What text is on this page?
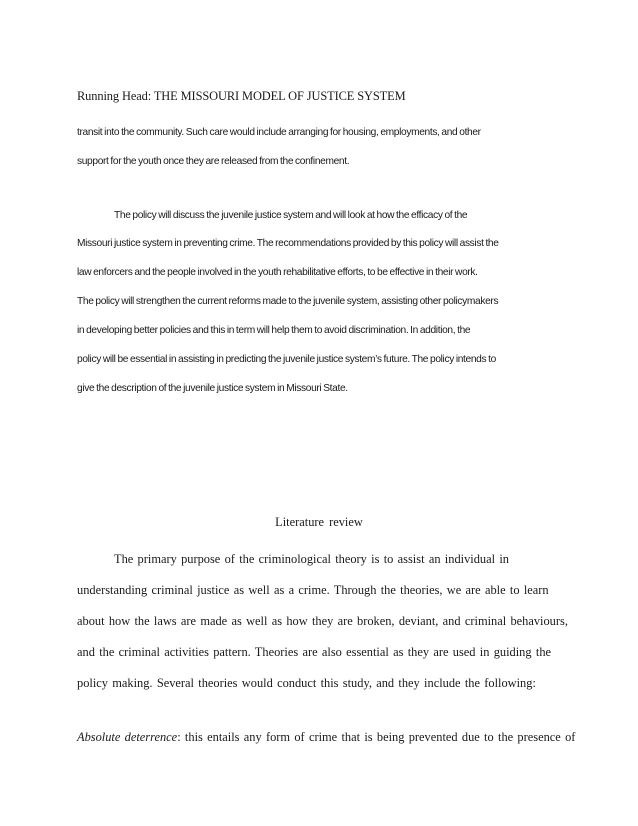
Running Head: THE MISSOURI MODEL OF JUSTICE SYSTEM
transit into the community. Such care would include arranging for housing, employments, and other
support for the youth once they are released from the confinement.
The policy will discuss the juvenile justice system and will look at how the efficacy of the
Missouri justice system in preventing crime. The recommendations provided by this policy will assist the
law enforcers and the people involved in the youth rehabilitative efforts, to be effective in their work.
The policy will strengthen the current reforms made to the juvenile system, assisting other policymakers
in developing better policies and this in term will help them to avoid discrimination. In addition, the
policy will be essential in assisting in predicting the juvenile justice system’s future. The policy intends to
give the description of the juvenile justice system in Missouri State.
Literature review
The primary purpose of the criminological theory is to assist an individual in
understanding criminal justice as well as a crime. Through the theories, we are able to learn
about how the laws are made as well as how they are broken, deviant, and criminal behaviours,
and the criminal activities pattern. Theories are also essential as they are used in guiding the
policy making. Several theories would conduct this study, and they include the following:
Absolute deterrence: this entails any form of crime that is being prevented due to the presence of
